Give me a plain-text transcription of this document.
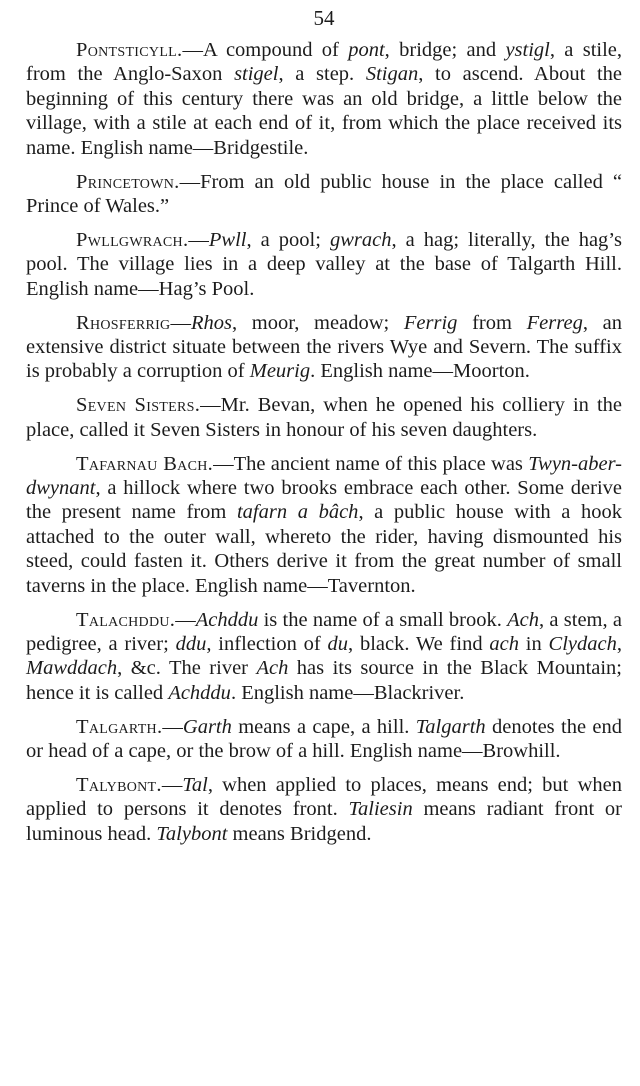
54

Pontsticyll.—A compound of pont, bridge; and ystigl, a stile, from the Anglo-Saxon stigel, a step. Stigan, to ascend. About the beginning of this century there was an old bridge, a little below the village, with a stile at each end of it, from which the place received its name. English name—Bridgestile.

Princetown.—From an old public house in the place called “ Prince of Wales.”

Pwllgwrach.—Pwll, a pool; gwrach, a hag; literally, the hag’s pool. The village lies in a deep valley at the base of Talgarth Hill. English name—Hag’s Pool.

Rhosferrig—Rhos, moor, meadow; Ferrig from Ferreg, an extensive district situate between the rivers Wye and Severn. The suffix is probably a corruption of Meurig. English name—Moorton.

Seven Sisters.—Mr. Bevan, when he opened his colliery in the place, called it Seven Sisters in honour of his seven daughters.

Tafarnau Bach.—The ancient name of this place was Twyn-aber-dwynant, a hillock where two brooks embrace each other. Some derive the present name from tafarn a bâch, a public house with a hook attached to the outer wall, whereto the rider, having dismounted his steed, could fasten it. Others derive it from the great number of small taverns in the place. English name—Tavernton.

Talachddu.—Achddu is the name of a small brook. Ach, a stem, a pedigree, a river; ddu, inflection of du, black. We find ach in Clydach, Mawddach, &c. The river Ach has its source in the Black Mountain; hence it is called Achddu. English name—Blackriver.

Talgarth.—Garth means a cape, a hill. Talgarth denotes the end or head of a cape, or the brow of a hill. English name—Browhill.

Talybont.—Tal, when applied to places, means end; but when applied to persons it denotes front. Taliesin means radiant front or luminous head. Talybont means Bridgend.
